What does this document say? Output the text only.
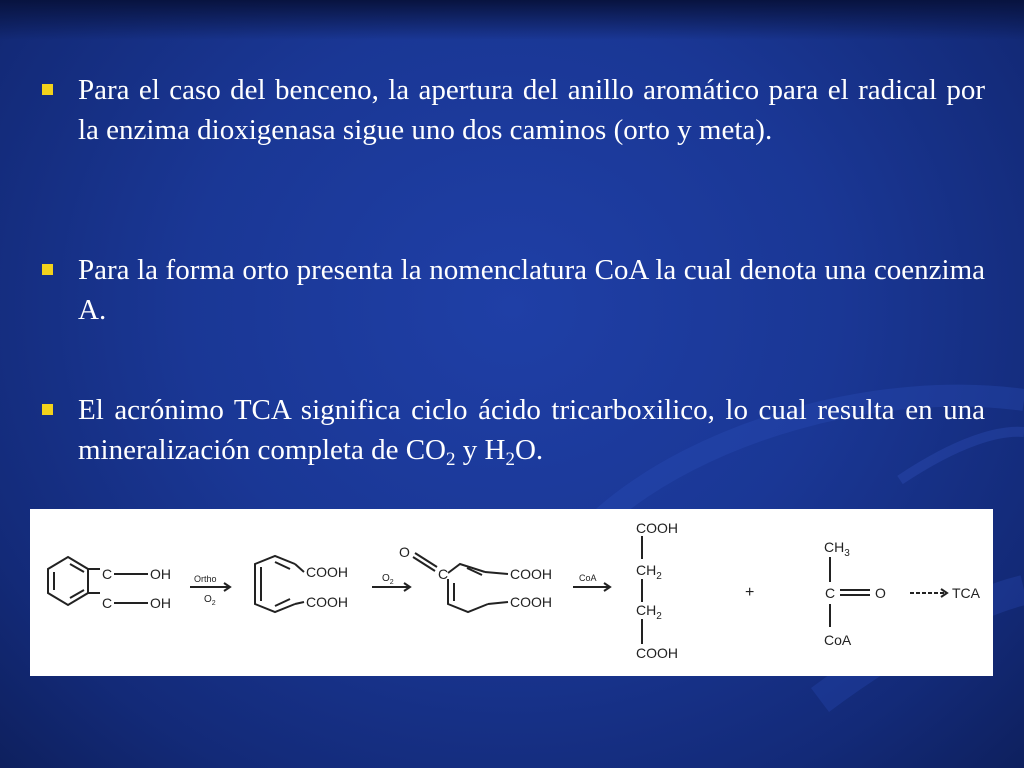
Para el caso del benceno, la apertura del anillo aromático para el radical por la enzima dioxigenasa sigue uno dos caminos (orto y meta).
Para la forma orto presenta la nomenclatura CoA la cual denota una coenzima A.
El acrónimo TCA significa ciclo ácido tricarboxilico, lo cual resulta en una mineralización completa de $CO_2$ y $H_2O$.
C	OH
C	OH
Ortho
$O_2$
COOH
COOH
$O_2$
O
C	COOH
COOH
CoA
COOH
$CH_2$
$CH_2$
COOH
+
$CH_3$
C	O
CoA
TCA
